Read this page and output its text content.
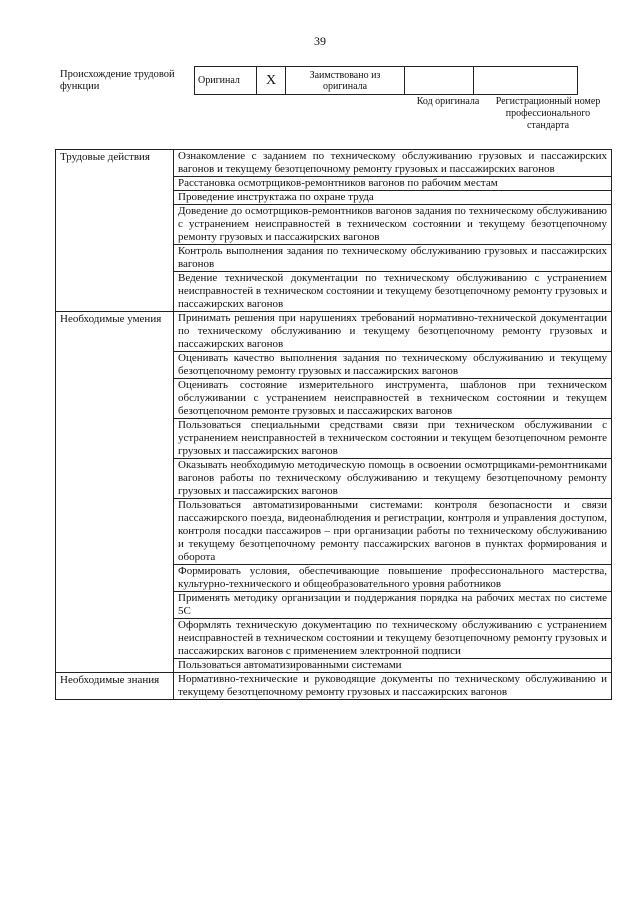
39
Происхождение трудовой функции
Оригинал	X	Заимствовано из оригинала		
Код оригинала	Регистрационный номер профессионального стандарта
Трудовые действия	Ознакомление с заданием по техническому обслуживанию грузовых и пассажирских вагонов и текущему безотцепочному ремонту грузовых и пассажирских вагонов
	Расстановка осмотрщиков-ремонтников вагонов по рабочим местам
	Проведение инструктажа по охране труда
	Доведение до осмотрщиков-ремонтников вагонов задания по техническому обслуживанию с устранением неисправностей в техническом состоянии и текущему безотцепочному ремонту грузовых и пассажирских вагонов
	Контроль выполнения задания по техническому обслуживанию грузовых и пассажирских вагонов
	Ведение технической документации по техническому обслуживанию с устранением неисправностей в техническом состоянии и текущему безотцепочному ремонту грузовых и пассажирских вагонов
Необходимые умения	Принимать решения при нарушениях требований нормативно-технической документации по техническому обслуживанию и текущему безотцепочному ремонту грузовых и пассажирских вагонов
	Оценивать качество выполнения задания по техническому обслуживанию и текущему безотцепочному ремонту грузовых и пассажирских вагонов
	Оценивать состояние измерительного инструмента, шаблонов при техническом обслуживании с устранением неисправностей в техническом состоянии и текущем безотцепочном ремонте грузовых и пассажирских вагонов
	Пользоваться специальными средствами связи при техническом обслуживании с устранением неисправностей в техническом состоянии и текущем безотцепочном ремонте грузовых и пассажирских вагонов
	Оказывать необходимую методическую помощь в освоении осмотрщиками-ремонтниками вагонов работы по техническому обслуживанию и текущему безотцепочному ремонту грузовых и пассажирских вагонов
	Пользоваться автоматизированными системами: контроля безопасности и связи пассажирского поезда, видеонаблюдения и регистрации, контроля и управления доступом, контроля посадки пассажиров – при организации работы по техническому обслуживанию и текущему безотцепочному ремонту пассажирских вагонов в пунктах формирования и оборота
	Формировать условия, обеспечивающие повышение профессионального мастерства, культурно-технического и общеобразовательного уровня работников
	Применять методику организации и поддержания порядка на рабочих местах по системе 5С
	Оформлять техническую документацию по техническому обслуживанию с устранением неисправностей в техническом состоянии и текущему безотцепочному ремонту грузовых и пассажирских вагонов с применением электронной подписи
	Пользоваться автоматизированными системами
Необходимые знания	Нормативно-технические и руководящие документы по техническому обслуживанию и текущему безотцепочному ремонту грузовых и пассажирских вагонов
